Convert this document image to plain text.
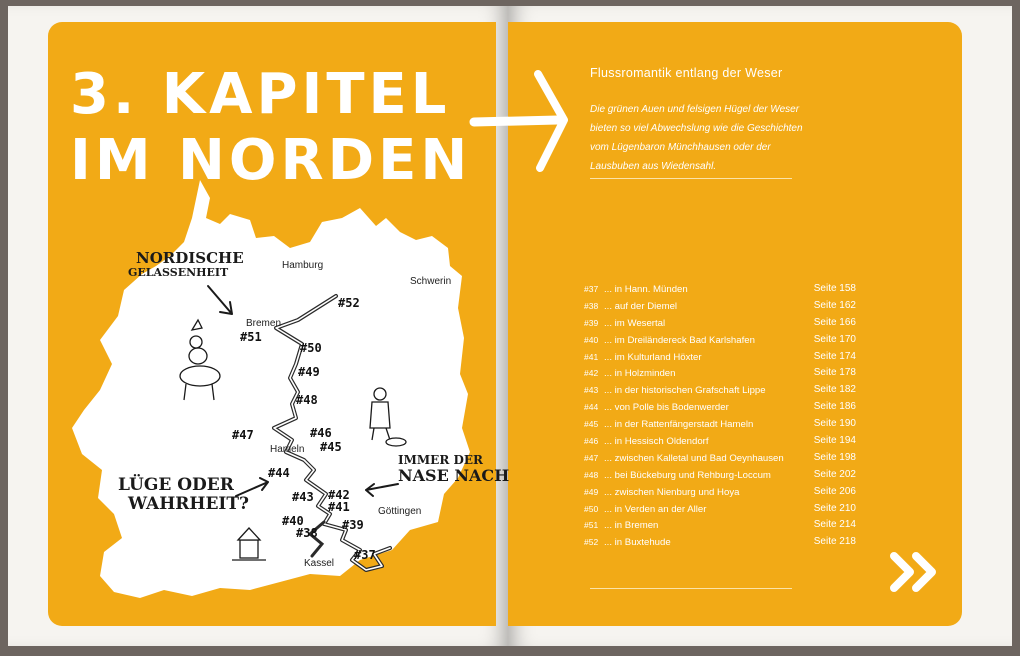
3. KAPITEL
IM NORDEN
Hamburg
Schwerin
Bremen
Hameln
Göttingen
Kassel
#52
#51
#50
#49
#48
#47	#46
#45
#44
#43 #42
#41
#40	#39
#38
#37
NORDISCHE
GELASSENHEIT
LÜGE ODER
WAHRHEIT?
IMMER DER
NASE NACH
Flussromantik entlang der Weser
Die grünen Auen und felsigen Hügel der Weser bieten so viel Abwechslung wie die Geschichten vom Lügenbaron Münchhausen oder der Lausbuben aus Wiedensahl.
#37 ... in Hann. Münden	Seite 158
#38 ... auf der Diemel	Seite 162
#39 ... im Wesertal	Seite 166
#40 ... im Dreiländereck Bad Karlshafen	Seite 170
#41 ... im Kulturland Höxter	Seite 174
#42 ... in Holzminden	Seite 178
#43 ... in der historischen Grafschaft Lippe	Seite 182
#44 ... von Polle bis Bodenwerder	Seite 186
#45 ... in der Rattenfängerstadt Hameln	Seite 190
#46 ... in Hessisch Oldendorf	Seite 194
#47 ... zwischen Kalletal und Bad Oeynhausen	Seite 198
#48 ... bei Bückeburg und Rehburg-Loccum	Seite 202
#49 ... zwischen Nienburg und Hoya	Seite 206
#50 ... in Verden an der Aller	Seite 210
#51 ... in Bremen	Seite 214
#52 ... in Buxtehude	Seite 218
